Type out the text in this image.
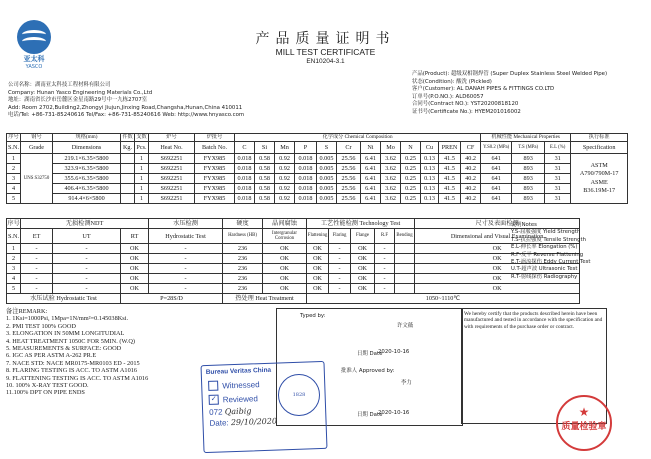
亚太科
YASCO
产品质量证明书
MILL TEST CERTIFICATE
EN10204-3.1
公司名称：湖南亚太科技工程材料有限公司
Company: Hunan Yasco Engineering Materials Co.,Ltd
地址：湖南省长沙市岳麓区金星南路29号中一九栋2707室
Add: Room 2702,Building2,Zhongyi Jiujun,Jinxing Road,Changsha,Hunan,China 410011
电话/Tel: +86-731-85240616 Tel/Fax: +86-731-85240616 Web: http://www.hnyasco.com
产品(Product): 超级双相钢焊管 (Super Duplex Stainless Steel Welded Pipe)
状态(Condition): 酸洗 (Pickled)
客户(Customer): AL DANAH PIPES & FITTINGS CO.LTD
订单号(P.O.NO.): ALD60057
合同号(Contract NO.): YST20200818120
证书号(Certificate No.): HYEM201016002
序号	钢号	规格(mm)	件数	支数	炉号	炉批号	化学成分 Chemical Composition												机械性能 Mechanical Properties			执行标准
S.N.	Grade	Dimensions	Kg.	Pcs.	Heat No.	Batch No.	C	Si	Mn	P	S	Cr	Ni	Mo	N	Cu	PREN	CF	Y.S0.2 (MPa)	T.S (MPa)	E.L (%)	Specification
1	UNS S32750	219.1×6.35×5800		1	S692251	FYX985	0.018	0.58	0.92	0.018	0.005	25.56	6.41	3.62	0.25	0.13	41.5	40.2	641	893	31	ASTM
A790/790M-17
ASME
B36.19M-17

2		323.9×6.35×5800		1	S692251	FYX985	0.018	0.58	0.92	0.018	0.005	25.56	6.41	3.62	0.25	0.13	41.5	40.2	641	893	31	
3		355.6×6.35×5800		1	S692251	FYX985	0.018	0.58	0.92	0.018	0.005	25.56	6.41	3.62	0.25	0.13	41.5	40.2	641	893	31	
4		406.4×6.35×5800		1	S692251	FYX985	0.018	0.58	0.92	0.018	0.005	25.56	6.41	3.62	0.25	0.13	41.5	40.2	641	893	31	
5		914.4×6×5800		1	S692251	FYX985	0.018	0.58	0.92	0.018	0.005	25.56	6.41	3.62	0.25	0.13	41.5	40.2	641	893	31	
序号	无损检测NDT			水压检测	硬度	晶间腐蚀	工艺性能检测 Technology Test					尺寸及表面检测	
S.N.	ET	UT	RT	Hydrostatic Test	Hardness (HB)	Intergranular Corrosion	Flattening	Flaring	Flange	R.F	Bending	Dimensional and Visual Examination	
1	-	-	OK	-	236	OK	OK	-	OK	-		OK	
2	-	-	OK	-	236	OK	OK	-	OK	-		OK	
3	-	-	OK	-	236	OK	OK	-	OK	-		OK	
4	-	-	OK	-	236	OK	OK	-	OK	-		OK	
5	-	-	OK	-	236	OK	OK	-	OK	-		OK	
水压试验 Hydrostatic Test			P=28S/D		热处理 Heat Treatment		1050~1110℃						
说明Notes
Y.S-屈服强度 Yield Strength
T.S-抗拉强度 Tensile Strength
E.L-伸长率 Elongation (%)
R.F-反平 Reverse Flattening
E.T-涡流探伤 Eddy Current Test
U.T-超声波 Ultrasonic Test
R.T-射线探伤 Radiography
备注REMARK:
1. 1Ksi=1000Psi, 1Mpa=1N/mm²=0.145038Ksi.
2. PMI TEST 100% GOOD
3. ELONGATION IN 50MM LONGITUDIAL
4. HEAT TREATMENT 1050C FOR 5MIN. (W.Q)
5. MEASUREMENTS & SURFACE: GOOD
6. IGC AS PER ASTM A-262 PR.E
7. NACE STD: NACE MR0175-MR0103 ED - 2015
8. FLARING TESTING IS ACC. TO ASTM A1016
9. FLATTENING TESTING IS ACC. TO ASTM A1016
10. 100% X-RAY TEST GOOD.
11.100% DPT ON PIPE ENDS
Typed by:
许文薇
日期 Date
2020-10-16
批准人 Approved by:
李力
日期 Date
2020-10-16
We hereby certify that the products described herein have been manufactured and tested in accordance with the specification and with requirements of the purchase order or contract.
Bureau Veritas China
Witnessed
✓ Reviewed
072 Qaibig
Date: 29/10/2020
1828
★
质量检验章
